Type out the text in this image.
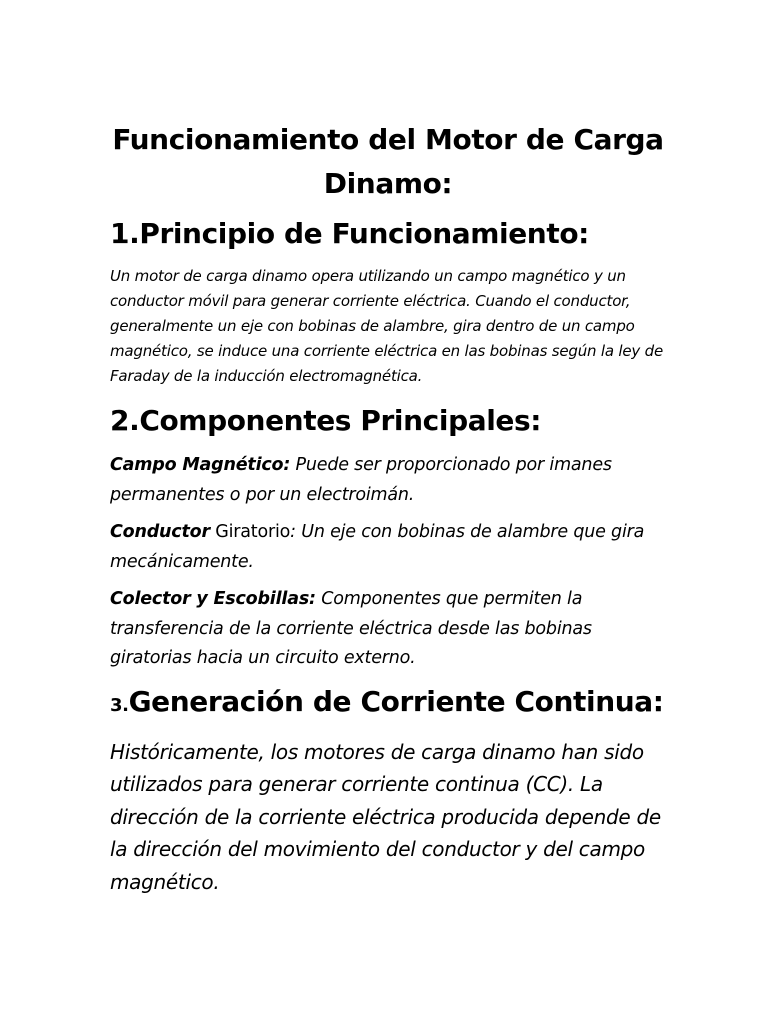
Funcionamiento del Motor de Carga Dinamo:
1.Principio de Funcionamiento:

Un motor de carga dinamo opera utilizando un campo magnético y un conductor móvil para generar corriente eléctrica. Cuando el conductor, generalmente un eje con bobinas de alambre, gira dentro de un campo magnético, se induce una corriente eléctrica en las bobinas según la ley de Faraday de la inducción electromagnética.

2.Componentes Principales:

Campo Magnético: Puede ser proporcionado por imanes permanentes o por un electroimán.

Conductor Giratorio: Un eje con bobinas de alambre que gira mecánicamente.

Colector y Escobillas: Componentes que permiten la transferencia de la corriente eléctrica desde las bobinas giratorias hacia un circuito externo.

3.Generación de Corriente Continua:

Históricamente, los motores de carga dinamo han sido utilizados para generar corriente continua (CC). La dirección de la corriente eléctrica producida depende de la dirección del movimiento del conductor y del campo magnético.
